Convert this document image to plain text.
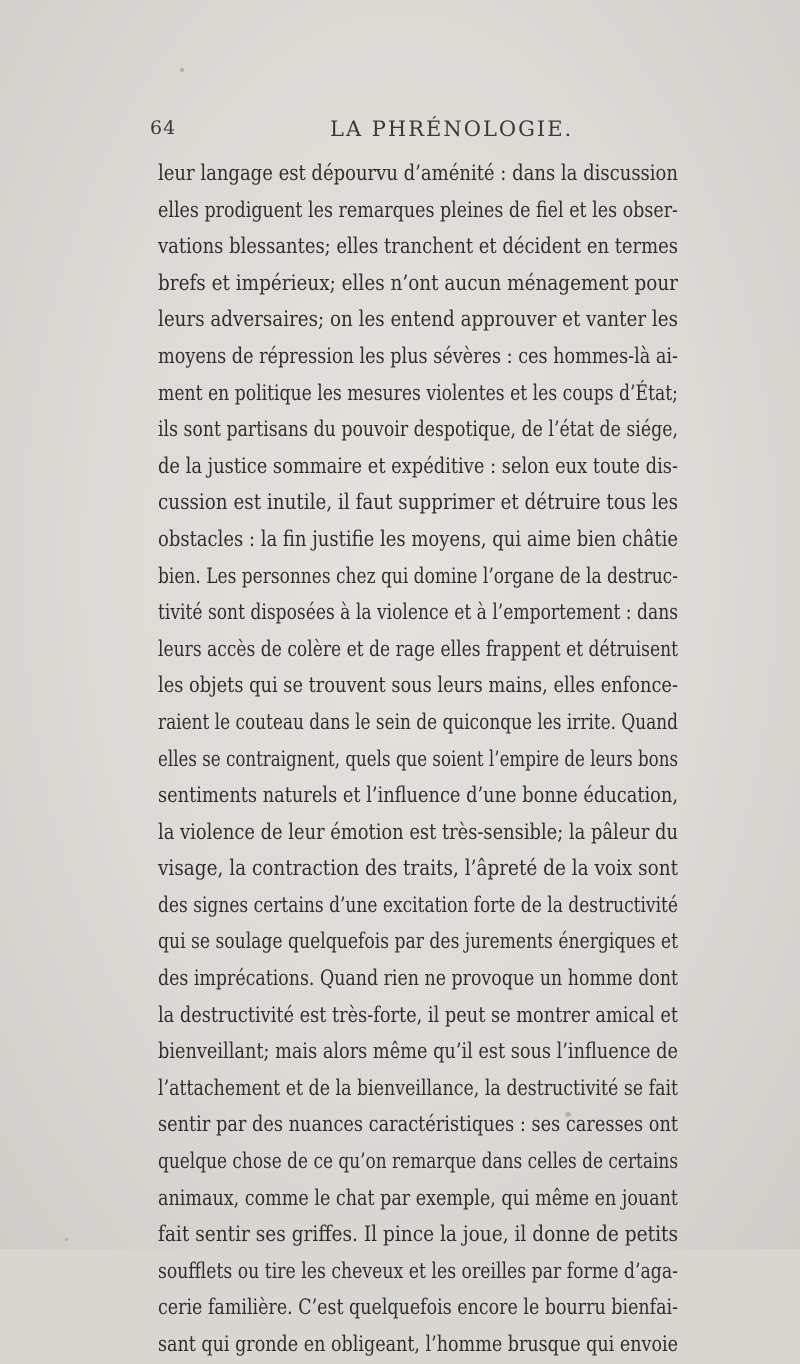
64	LA PHRÉNOLOGIE.
leur langage est dépourvu d’aménité : dans la discussion
elles prodiguent les remarques pleines de fiel et les obser-
vations blessantes; elles tranchent et décident en termes
brefs et impérieux; elles n’ont aucun ménagement pour
leurs adversaires; on les entend approuver et vanter les
moyens de répression les plus sévères : ces hommes-là ai-
ment en politique les mesures violentes et les coups d’État;
ils sont partisans du pouvoir despotique, de l’état de siége,
de la justice sommaire et expéditive : selon eux toute dis-
cussion est inutile, il faut supprimer et détruire tous les
obstacles : la fin justifie les moyens, qui aime bien châtie
bien. Les personnes chez qui domine l’organe de la destruc-
tivité sont disposées à la violence et à l’emportement : dans
leurs accès de colère et de rage elles frappent et détruisent
les objets qui se trouvent sous leurs mains, elles enfonce-
raient le couteau dans le sein de quiconque les irrite. Quand
elles se contraignent, quels que soient l’empire de leurs bons
sentiments naturels et l’influence d’une bonne éducation,
la violence de leur émotion est très-sensible; la pâleur du
visage, la contraction des traits, l’âpreté de la voix sont
des signes certains d’une excitation forte de la destructivité
qui se soulage quelquefois par des jurements énergiques et
des imprécations. Quand rien ne provoque un homme dont
la destructivité est très-forte, il peut se montrer amical et
bienveillant; mais alors même qu’il est sous l’influence de
l’attachement et de la bienveillance, la destructivité se fait
sentir par des nuances caractéristiques : ses caresses ont
quelque chose de ce qu’on remarque dans celles de certains
animaux, comme le chat par exemple, qui même en jouant
fait sentir ses griffes. Il pince la joue, il donne de petits
soufflets ou tire les cheveux et les oreilles par forme d’aga-
cerie familière. C’est quelquefois encore le bourru bienfai-
sant qui gronde en obligeant, l’homme brusque qui envoie
